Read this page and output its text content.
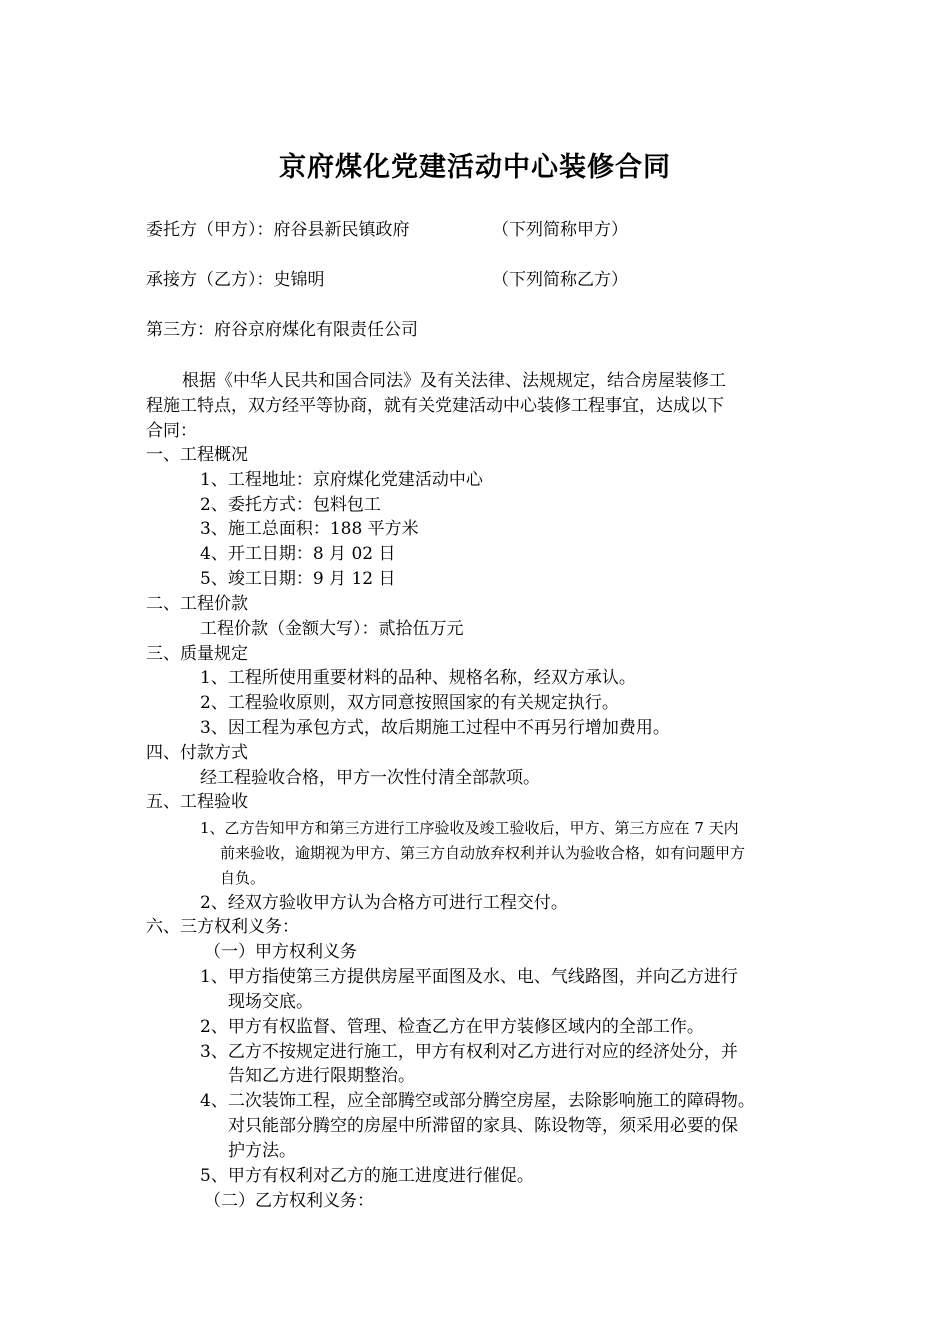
京府煤化党建活动中心装修合同
委托方（甲方）：府谷县新民镇政府	（下列简称甲方）
承接方（乙方）：史锦明	（下列简称乙方）
第三方：府谷京府煤化有限责任公司
根据《中华人民共和国合同法》及有关法律、法规规定，结合房屋装修工
程施工特点，双方经平等协商，就有关党建活动中心装修工程事宜，达成以下
合同：
一、工程概况
1、工程地址：京府煤化党建活动中心
2、委托方式：包料包工
3、施工总面积：188 平方米
4、开工日期：8 月 02 日
5、竣工日期：9 月 12 日
二、工程价款
工程价款（金额大写）：贰拾伍万元
三、质量规定
1、工程所使用重要材料的品种、规格名称，经双方承认。
2、工程验收原则，双方同意按照国家的有关规定执行。
3、因工程为承包方式，故后期施工过程中不再另行增加费用。
四、付款方式
经工程验收合格，甲方一次性付清全部款项。
五、工程验收
1、乙方告知甲方和第三方进行工序验收及竣工验收后，甲方、第三方应在 7 天内
前来验收，逾期视为甲方、第三方自动放弃权利并认为验收合格，如有问题甲方
自负。
2、经双方验收甲方认为合格方可进行工程交付。
六、三方权利义务：
（一）甲方权利义务
1、甲方指使第三方提供房屋平面图及水、电、气线路图，并向乙方进行
现场交底。
2、甲方有权监督、管理、检查乙方在甲方装修区域内的全部工作。
3、乙方不按规定进行施工，甲方有权利对乙方进行对应的经济处分，并
告知乙方进行限期整治。
4、二次装饰工程，应全部腾空或部分腾空房屋，去除影响施工的障碍物。
对只能部分腾空的房屋中所滞留的家具、陈设物等，须采用必要的保
护方法。
5、甲方有权利对乙方的施工进度进行催促。
（二）乙方权利义务：
